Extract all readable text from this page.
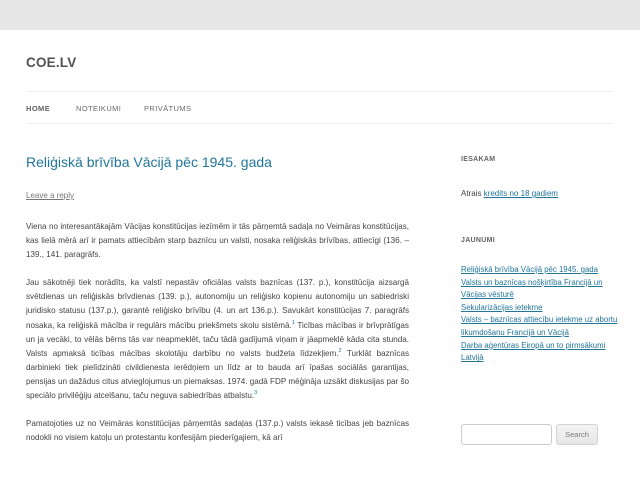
COE.LV
HOME	NOTEIKUMI	PRIVĀTUMS
Reliģiskā brīvība Vācijā pēc 1945. gada
Leave a reply

Viena no interesantākajām Vācijas konstitūcijas iezīmēm ir tās pārņemtā sadaļa no Veimāras konstitūcijas, kas lielā mērā arī ir pamats attiecībām starp baznīcu un valsti, nosaka reliģiskās brīvības, attiecīgi (136. – 139., 141. paragrāfs.

Jau sākotnēji tiek norādīts, ka valstī nepastāv oficiālas valsts baznīcas (137. p.), konstitūcija aizsargā svētdienas un reliģiskās brīvdienas (139. p.), autonomiju un reliģisko kopienu autonomiju un sabiedriski juridisko statusu (137.p.), garantē reliģisko brīvību (4. un art 136.p.). Savukārt konstitūcijas 7. paragrāfs nosaka, ka reliģiskā mācība ir regulārs mācību priekšmets skolu sistēmā.$^1$ Ticības mācības ir brīvprātīgas un ja vecāki, to vēlās bērns tās var neapmeklēt, taču tādā gadījumā viņam ir jāapmeklē kāda cita stunda. Valsts apmaksā ticības mācības skolotāju darbību no valsts budžeta līdzekļiem.$^2$ Turklāt baznīcas darbinieki tiek pielīdzināti civildienesta ierēdņiem un līdz ar to bauda arī īpašas sociālās garantijas, pensijas un dažādus citus atvieglojumus un piemaksas. 1974. gadā FDP mēģināja uzsākt diskusijas par šo speciālo privilēģiju atcelšanu, taču neguva sabiedrības atbalstu.$^3$

Pamatojoties uz no Veimāras konstitūcijas pārņemtās sadaļas (137.p.) valsts iekasē ticības jeb baznīcas nodokli no visiem katoļu un protestantu konfesijām piederīgajiem, kā arī

IESAKAM
Atrais kredits no 18 gadiem
JAUNUMI
Reliģiskā brīvība Vācijā pēc 1945. gada
Valsts un baznīcas nošķirtība Francijā un Vācijas vēsturē
Sekularizācijas ietekme
Valsts – baznīcas attiecību ietekme uz abortu likumdošanu Francijā un Vācijā
Darba aģentūras Eiropā un to pirmsākumi Latvijā
Search
